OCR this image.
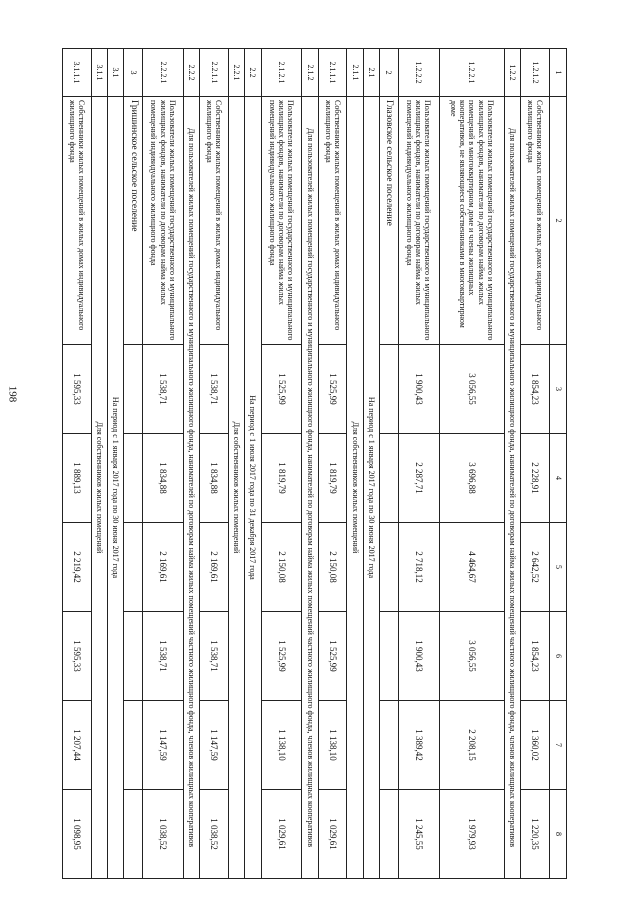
198
1	2	3	4	5	6	7	8
1.2.1.2	Собственники жилых помещений в жилых домах индивидуального жилищного фонда	1 854,23	2 228,91	2 642,52	1 854,23	1 360,02	1 220,35
1.2.2	Для пользователей жилых помещений государственного и муниципального жилищного фонда, нанимателей по договорам найма жилых помещений частного жилищного фонда, членов жилищных кооперативов						
1.2.2.1	Пользователи жилых помещений государственного и муниципального жилищных фондов, наниматели по договорам найма жилых помещений в многоквартирном доме и члены жилищных кооперативов, не являющиеся собственниками в многоквартирном доме	3 056,55	3 696,88	4 464,67	3 056,55	2 208,15	1 979,93
1.2.2.2	Пользователи жилых помещений государственного и муниципального жилищных фондов, наниматели по договорам найма жилых помещений индивидуального жилищного фонда	1 900,43	2 287,71	2 718,12	1 900,43	1 389,42	1 245,55
2	Глазовское сельское поселение						
2.1	На период с 1 января 2017 года по 30 июня 2017 года						
2.1.1	Для собственников жилых помещений						
2.1.1.1	Собственники жилых помещений в жилых домах индивидуального жилищного фонда	1 525,99	1 819,79	2 150,08	1 525,99	1 138,10	1 029,61
2.1.2	Для пользователей жилых помещений государственного и муниципального жилищного фонда, нанимателей по договорам найма жилых помещений частного жилищного фонда, членов жилищных кооперативов						
2.1.2.1	Пользователи жилых помещений государственного и муниципального жилищных фондов, наниматели по договорам найма жилых помещений индивидуального жилищного фонда	1 525,99	1 819,79	2 150,08	1 525,99	1 138,10	1 029,61
2.2	На период с 1 июля 2017 года по 31 декабря 2017 года						
2.2.1	Для собственников жилых помещений						
2.2.1.1	Собственники жилых помещений в жилых домах индивидуального жилищного фонда	1 538,71	1 834,88	2 169,61	1 538,71	1 147,59	1 038,52
2.2.2	Для пользователей жилых помещений государственного и муниципального жилищного фонда, нанимателей по договорам найма жилых помещений частного жилищного фонда, членов жилищных кооперативов						
2.2.2.1	Пользователи жилых помещений государственного и муниципального жилищных фондов, наниматели по договорам найма жилых помещений индивидуального жилищного фонда	1 538,71	1 834,88	2 169,61	1 538,71	1 147,59	1 038,52
3	Гришинское сельское поселение						
3.1	На период с 1 января 2017 года по 30 июня 2017 года						
3.1.1	Для собственников жилых помещений						
3.1.1.1	Собственники жилых помещений в жилых домах индивидуального жилищного фонда	1 595,33	1 889,13	2 219,42	1 595,33	1 207,44	1 098,95
